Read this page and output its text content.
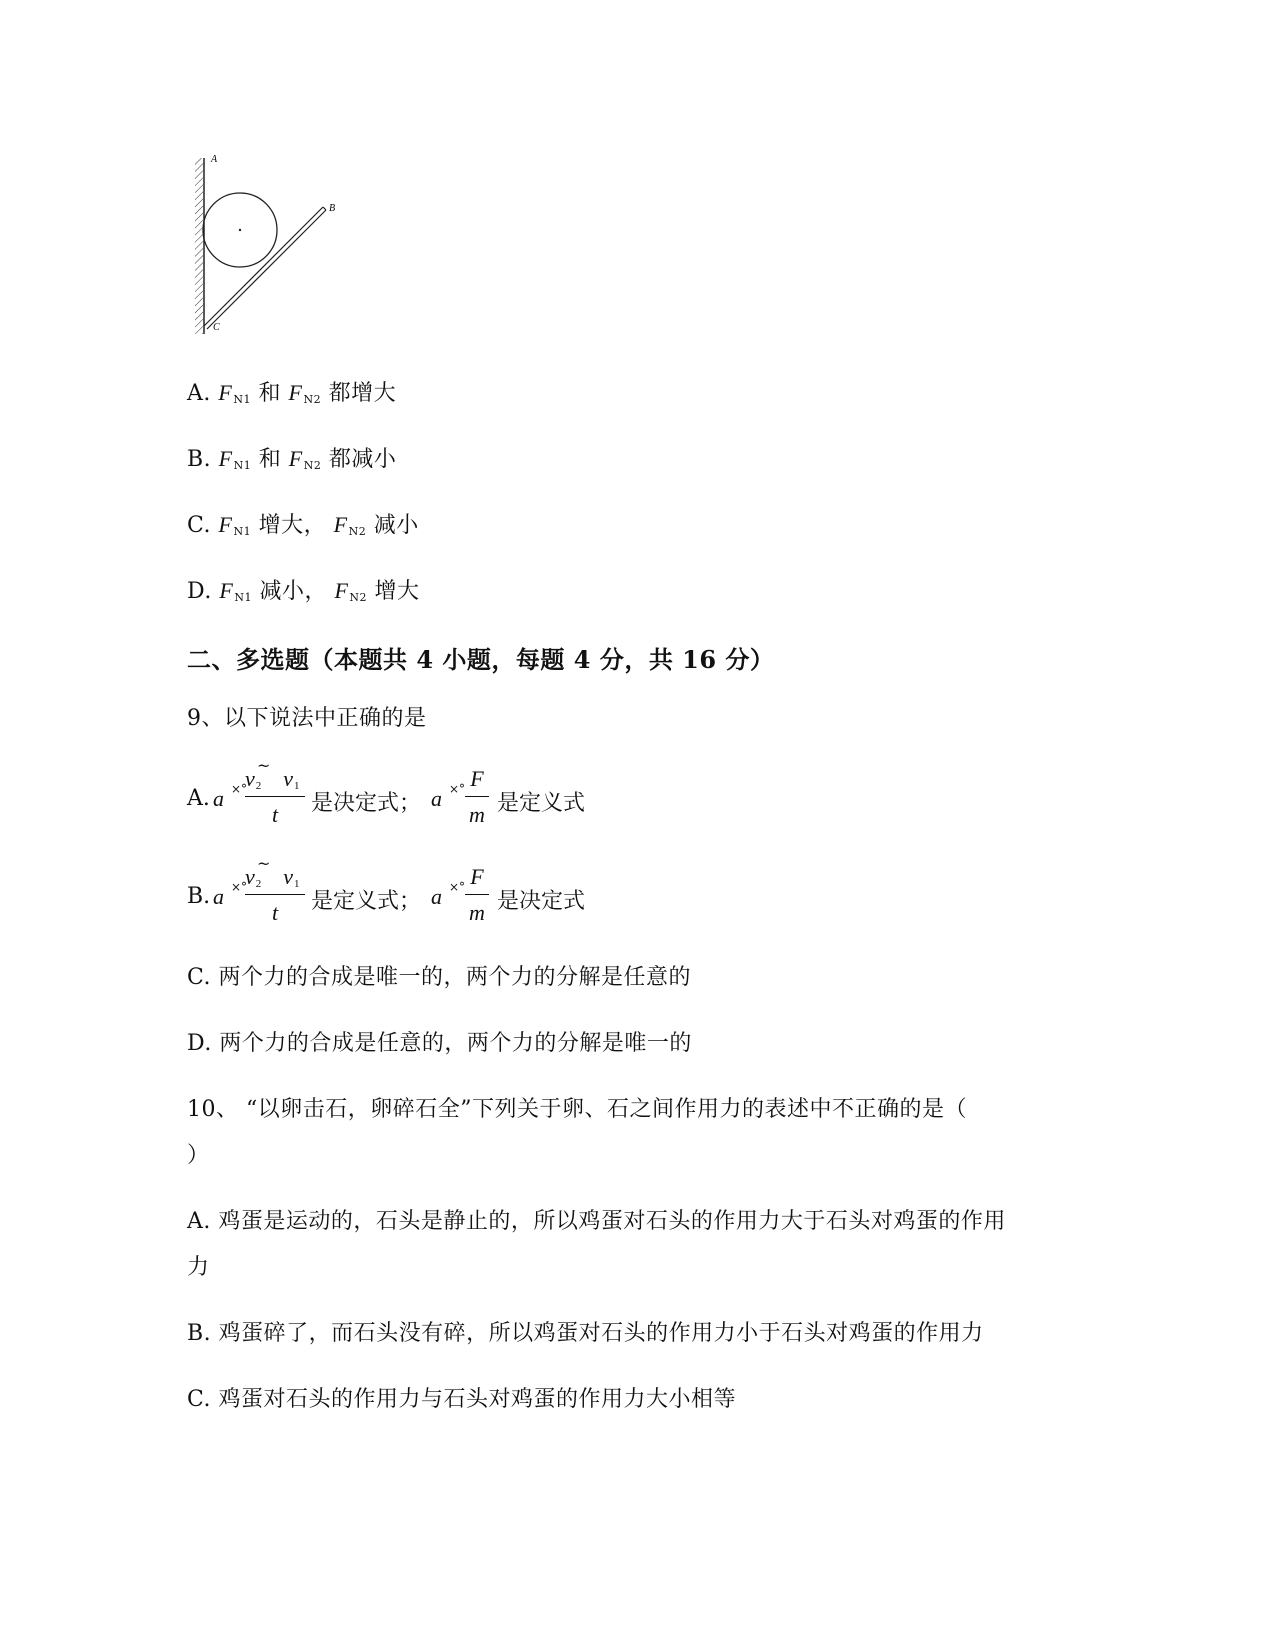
A
B
C
A. $F_{N1}$ 和 $F_{N2}$ 都增大
B. $F_{N1}$ 和 $F_{N2}$ 都减小
C. $F_{N1}$ 增大， $F_{N2}$ 减小
D. $F_{N1}$ 减小， $F_{N2}$ 增大
二、多选题（本题共 4 小题，每题 4 分，共 16 分）
9、以下说法中正确的是
A. a ×°
~
$v_2$ $v_1$
t	是决定式； a ×° F
m 是定义式
B. a ×°
~
$v_2$ $v_1$
t	是定义式； a ×° F
m 是决定式
C. 两个力的合成是唯一的，两个力的分解是任意的
D. 两个力的合成是任意的，两个力的分解是唯一的
10、 “以卵击石，卵碎石全”下列关于卵、石之间作用力的表述中不正确的是（
）
A. 鸡蛋是运动的，石头是静止的，所以鸡蛋对石头的作用力大于石头对鸡蛋的作用
力
B. 鸡蛋碎了，而石头没有碎，所以鸡蛋对石头的作用力小于石头对鸡蛋的作用力
C. 鸡蛋对石头的作用力与石头对鸡蛋的作用力大小相等
